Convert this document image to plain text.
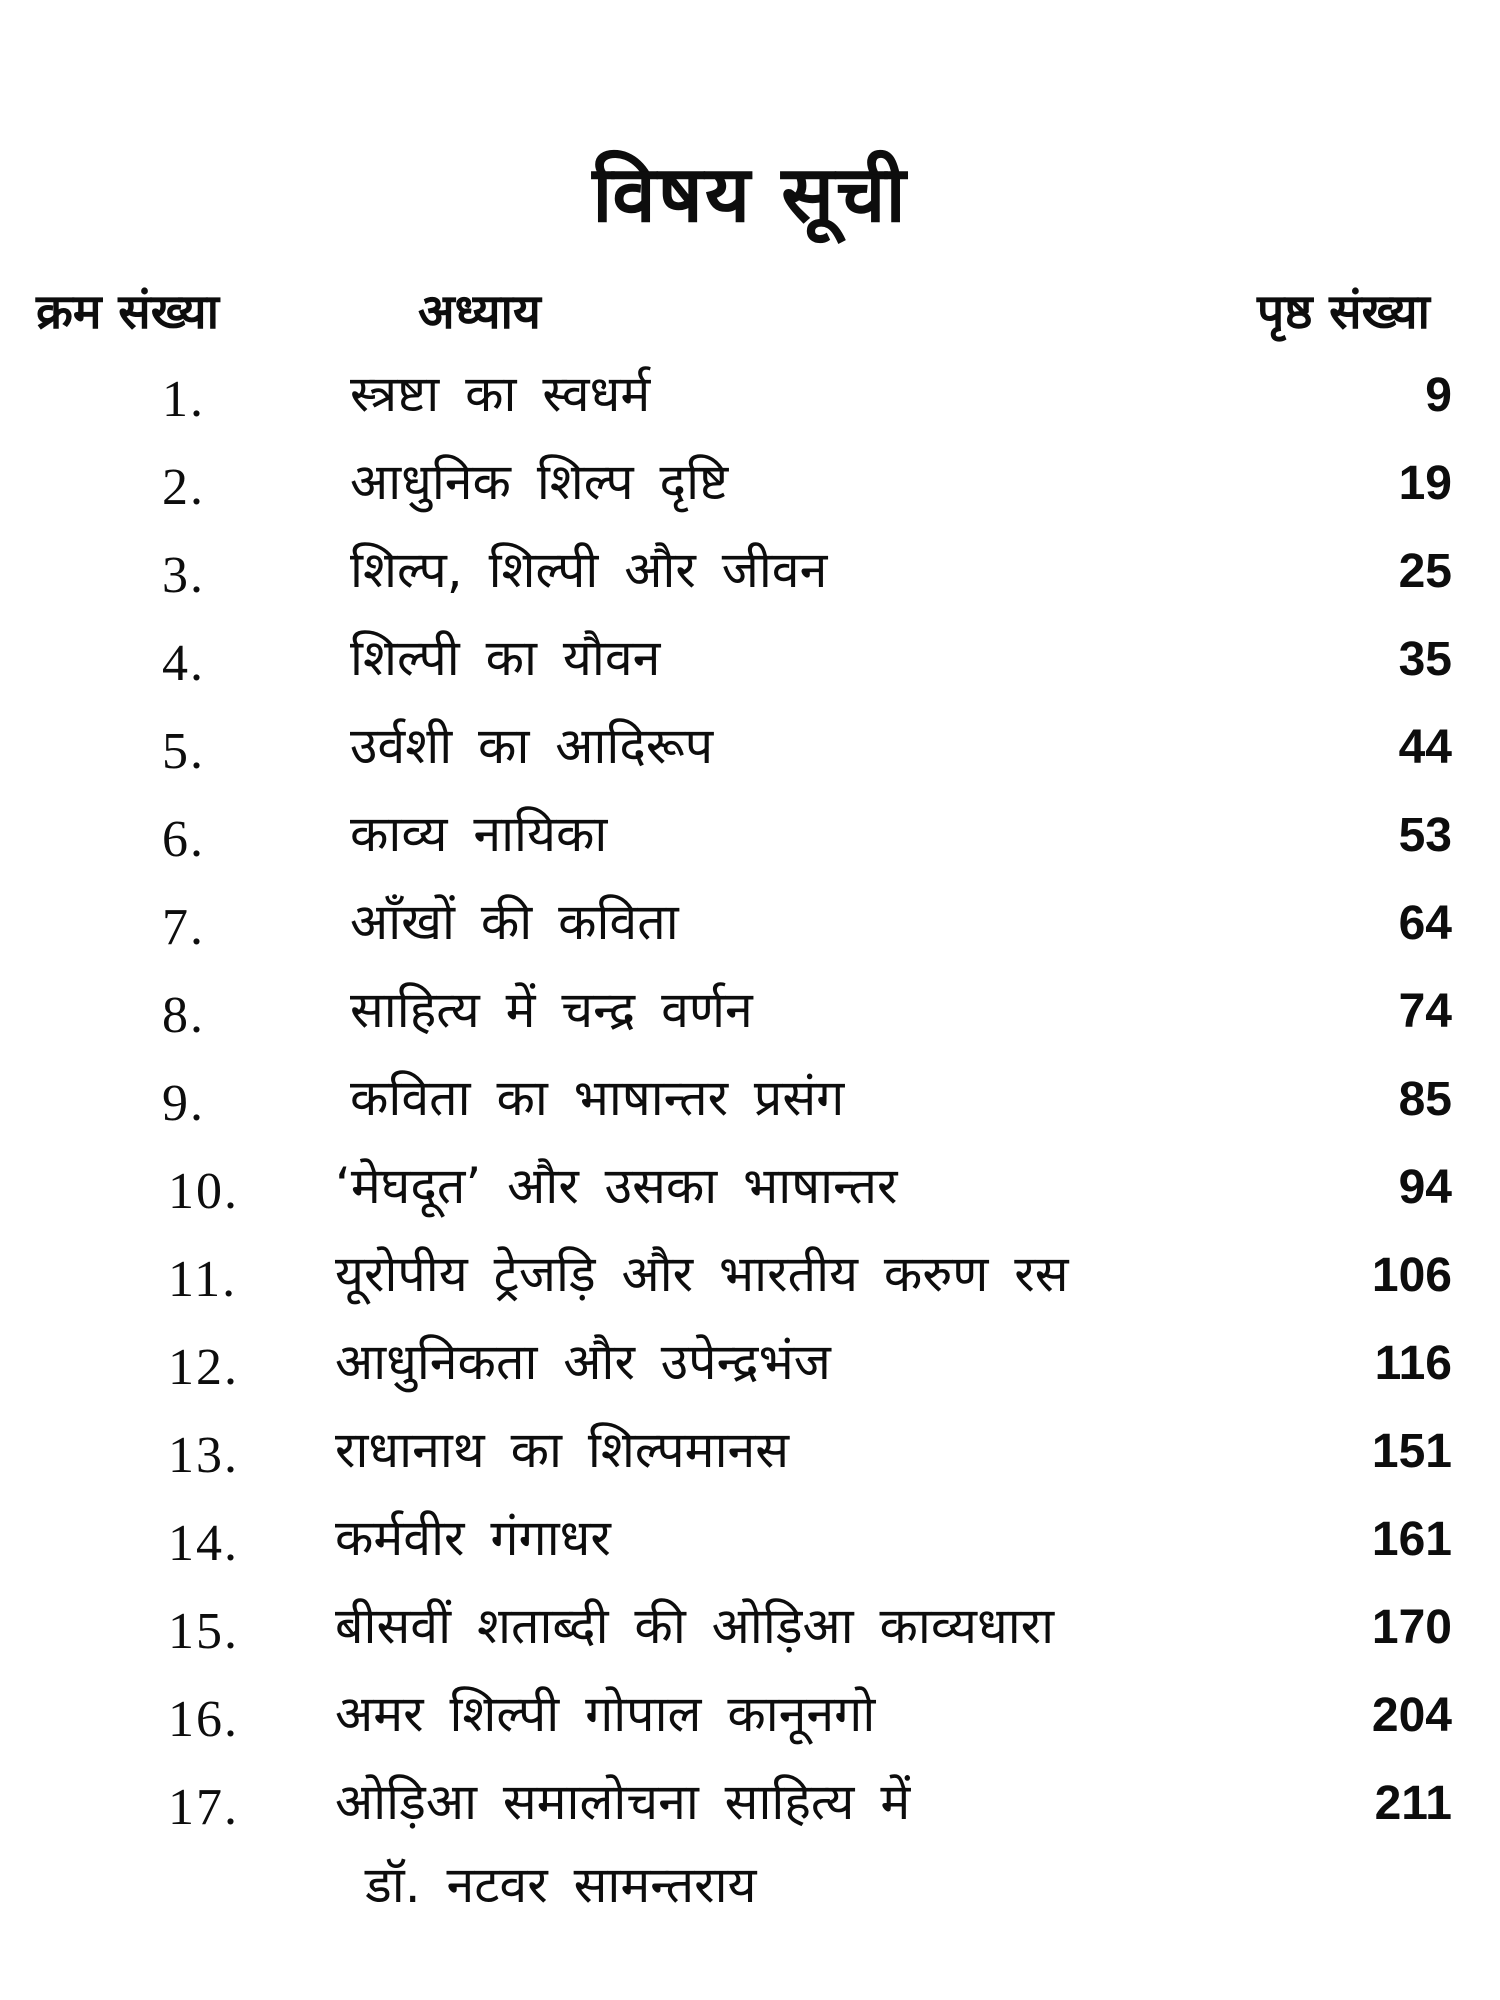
विषय सूची
क्रम संख्या	अध्याय	पृष्ठ संख्या
1.	स्त्रष्टा का स्वधर्म	9
2.	आधुनिक शिल्प दृष्टि	19
3.	शिल्प, शिल्पी और जीवन	25
4.	शिल्पी का यौवन	35
5.	उर्वशी का आदिरूप	44
6.	काव्य नायिका	53
7.	आँखों की कविता	64
8.	साहित्य में चन्द्र वर्णन	74
9.	कविता का भाषान्तर प्रसंग	85
10. ‘मेघदूत’ और उसका भाषान्तर	94
11. यूरोपीय ट्रेजड़ि और भारतीय करुण रस	106
12. आधुनिकता और उपेन्द्रभंज	116
13. राधानाथ का शिल्पमानस	151
14. कर्मवीर गंगाधर	161
15. बीसवीं शताब्दी की ओड़िआ काव्यधारा	170
16. अमर शिल्पी गोपाल कानूनगो	204
17. ओड़िआ समालोचना साहित्य में	211
डॉ. नटवर सामन्तराय
